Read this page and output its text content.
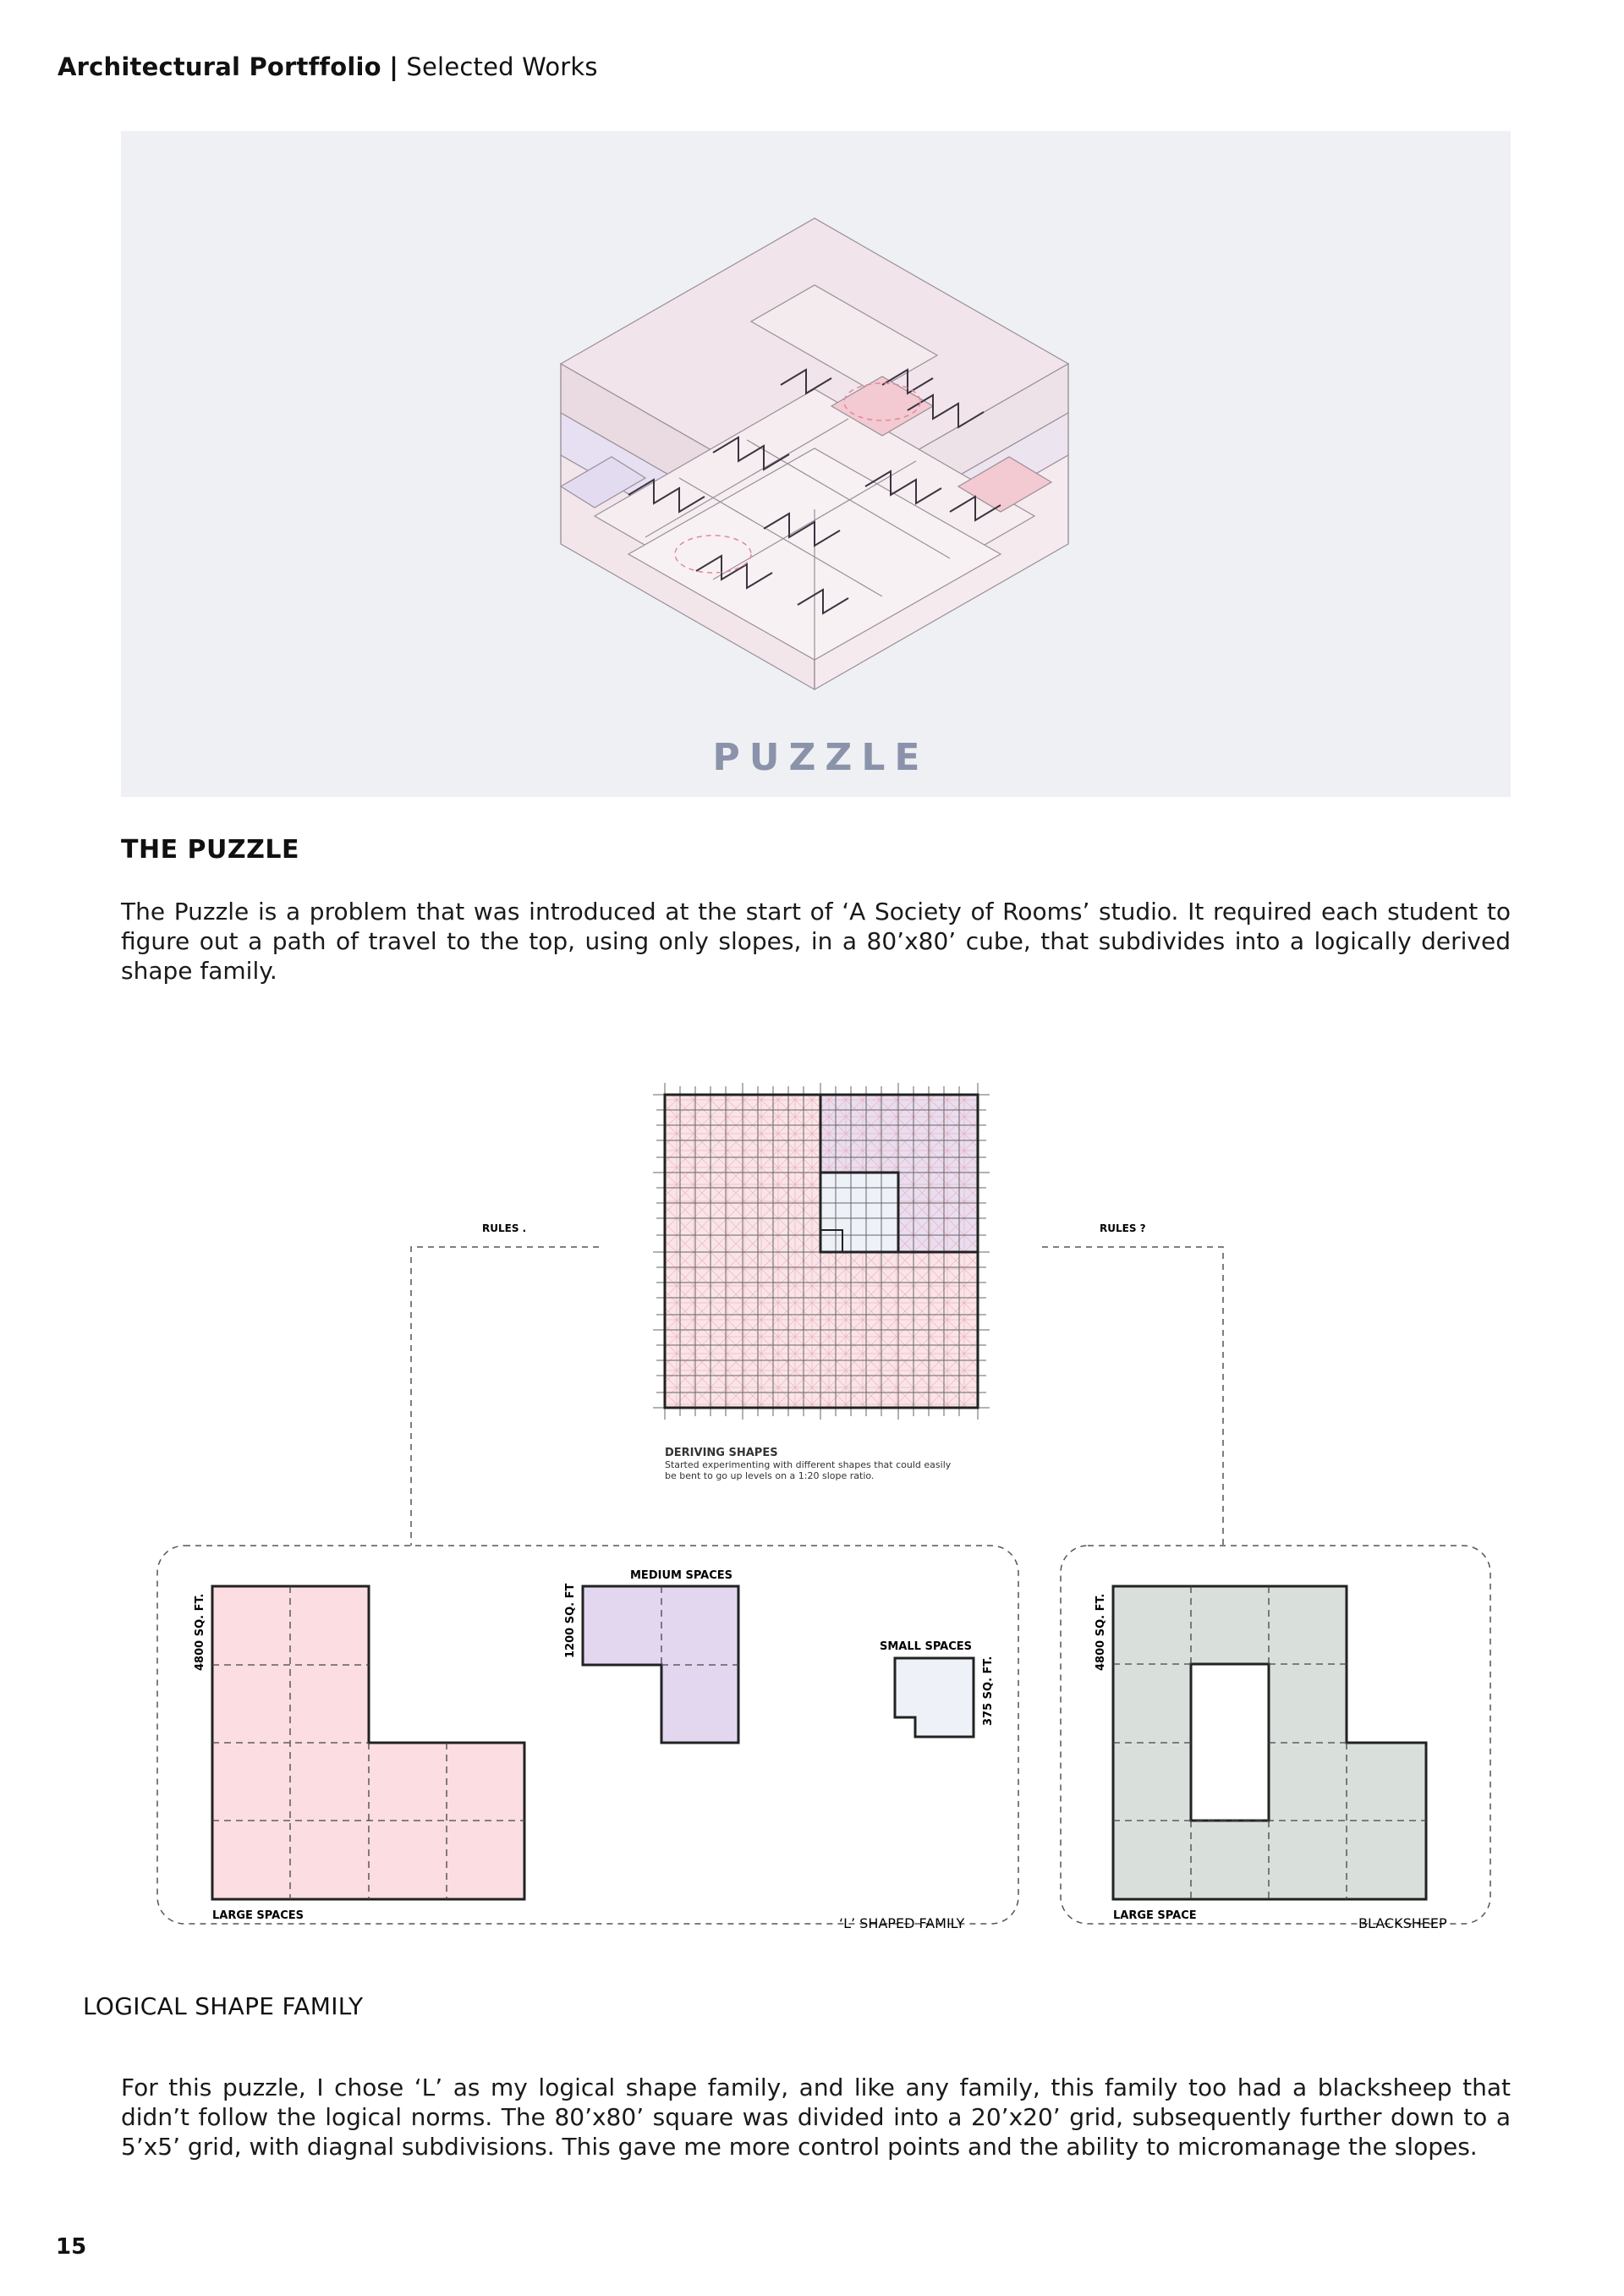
Architectural Portffolio | Selected Works
PUZZLE
THE PUZZLE
The Puzzle is a problem that was introduced at the start of ‘A Society of Rooms’ studio. It required each student to figure out a path of travel to the top, using only slopes, in a 80’x80’ cube, that subdivides into a logically derived shape family.
DERIVING SHAPES
Started experimenting with different shapes that could easily
be bent to go up levels on a 1:20 slope ratio.
RULES .	RULES ?
4800 SQ. FT.
LARGE SPACES
MEDIUM SPACES
1200 SQ. FT	SMALL SPACES
375 SQ. FT.
‘L’ SHAPED FAMILY
4800 SQ. FT.
LARGE SPACE	BLACKSHEEP
LOGICAL SHAPE FAMILY
For this puzzle, I chose ‘L’ as my logical shape family, and like any family, this family too had a blacksheep that didn’t follow the logical norms. The 80’x80’ square was divided into a 20’x20’ grid, subsequently further down to a 5’x5’ grid, with diagnal subdivisions. This gave me more control points and the ability to micromanage the slopes.
15
